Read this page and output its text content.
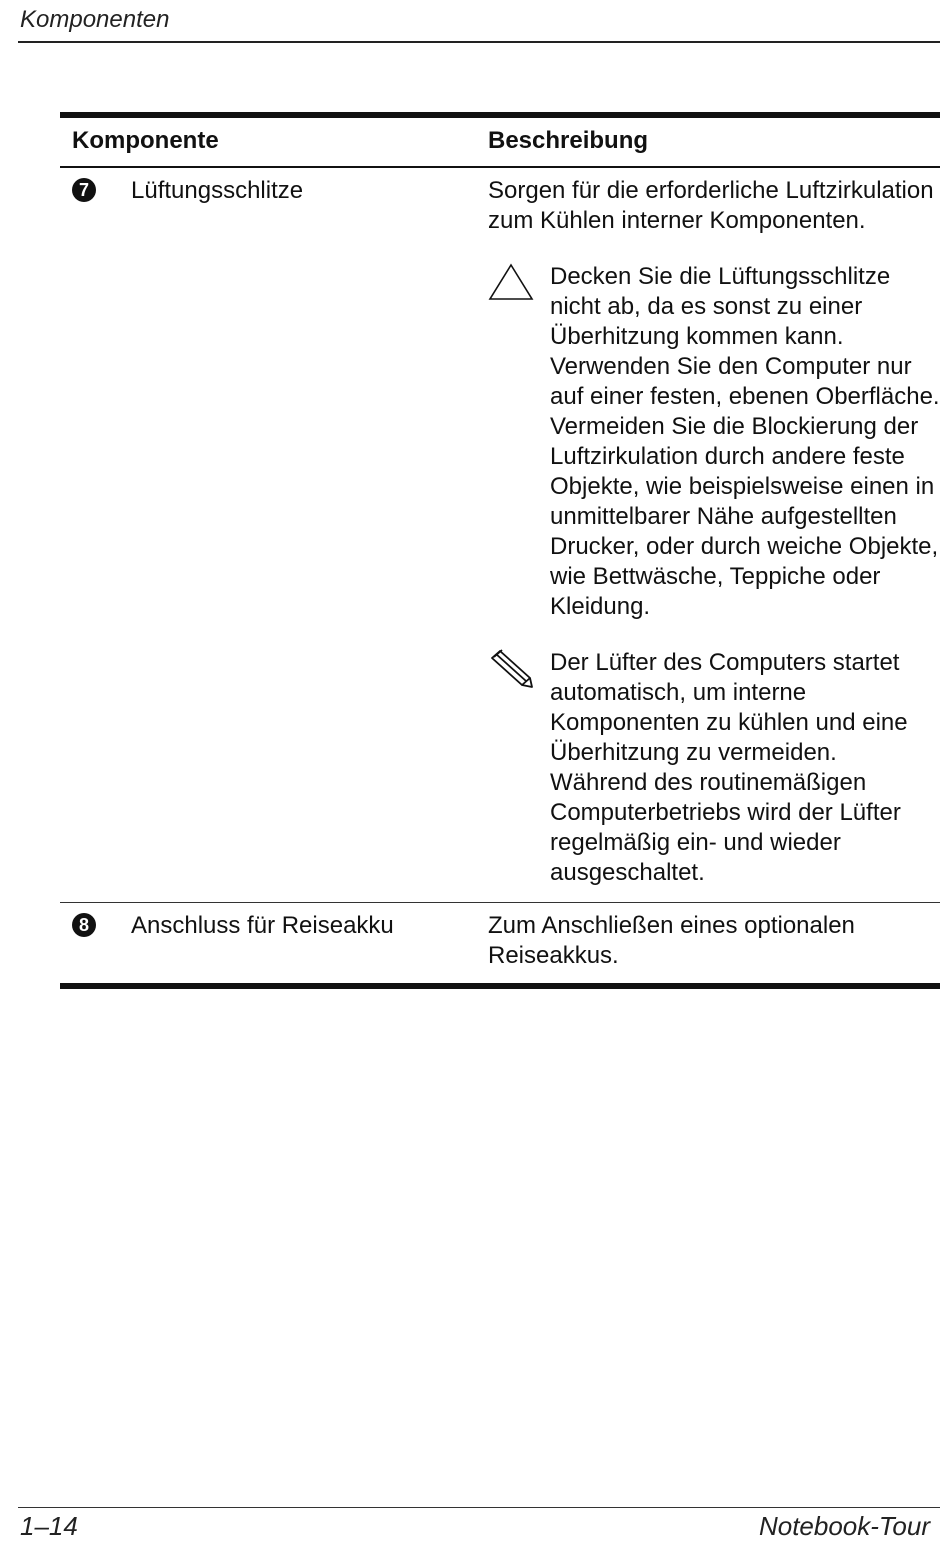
Komponenten
Komponente	Beschreibung
7 Lüftungsschlitze	Sorgen für die erforderliche Luftzirkulation zum Kühlen interner Komponenten.

Decken Sie die Lüftungsschlitze nicht ab, da es sonst zu einer Überhitzung kommen kann. Verwenden Sie den Computer nur auf einer festen, ebenen Oberfläche. Vermeiden Sie die Blockierung der Luftzirkulation durch andere feste Objekte, wie beispielsweise einen in unmittelbarer Nähe aufgestellten Drucker, oder durch weiche Objekte, wie Bettwäsche, Teppiche oder Kleidung.
Der Lüfter des Computers startet automatisch, um interne Komponenten zu kühlen und eine Überhitzung zu vermeiden. Während des routinemäßigen Computerbetriebs wird der Lüfter regelmäßig ein- und wieder ausgeschaltet.
8 Anschluss für Reiseakku	Zum Anschließen eines optionalen Reiseakkus.

1–14	Notebook-Tour
